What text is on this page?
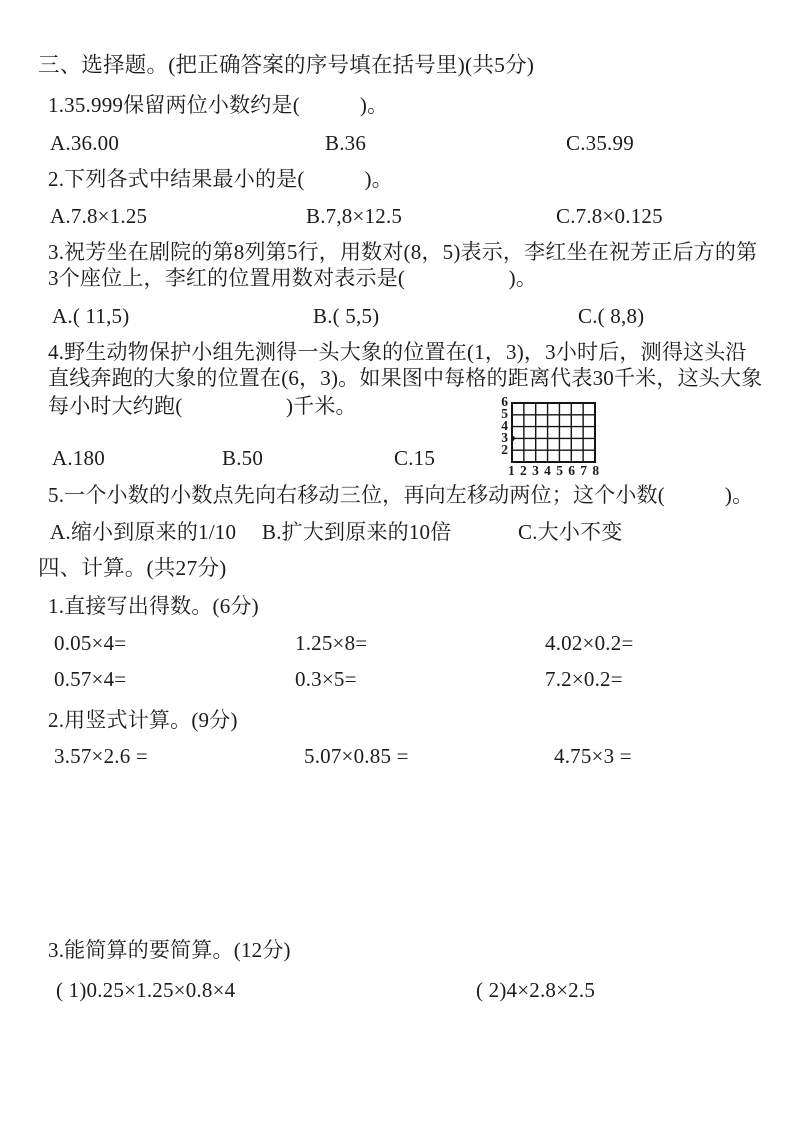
三、选择题。(把正确答案的序号填在括号里)(共5分)
1.35.999保留两位小数约是(           )。
A.36.00	B.36	C.35.99
2.下列各式中结果最小的是(           )。
A.7.8×1.25	B.7,8×12.5	C.7.8×0.125
3.祝芳坐在剧院的第8列第5行，用数对(8，5)表示，李红坐在祝芳正后方的第
3个座位上，李红的位置用数对表示是(                   )。
A.( 11,5)	B.( 5,5)	C.( 8,8)
4.野生动物保护小组先测得一头大象的位置在(1，3)，3小时后，测得这头沿
直线奔跑的大象的位置在(6，3)。如果图中每格的距离代表30千米，这头大象
每小时大约跑(                   )千米。	6
5
4
3
2
12345678
A.180	B.50	C.15
5.一个小数的小数点先向右移动三位，再向左移动两位；这个小数(           )。
A.缩小到原来的1/10 B.扩大到原来的10倍	C.大小不变
四、计算。(共27分)
1.直接写出得数。(6分)
0.05×4=	1.25×8=	4.02×0.2=
0.57×4=	0.3×5=	7.2×0.2=
2.用竖式计算。(9分)
3.57×2.6 =	5.07×0.85 =	4.75×3 =
3.能简算的要简算。(12分)
( 1)0.25×1.25×0.8×4	( 2)4×2.8×2.5
